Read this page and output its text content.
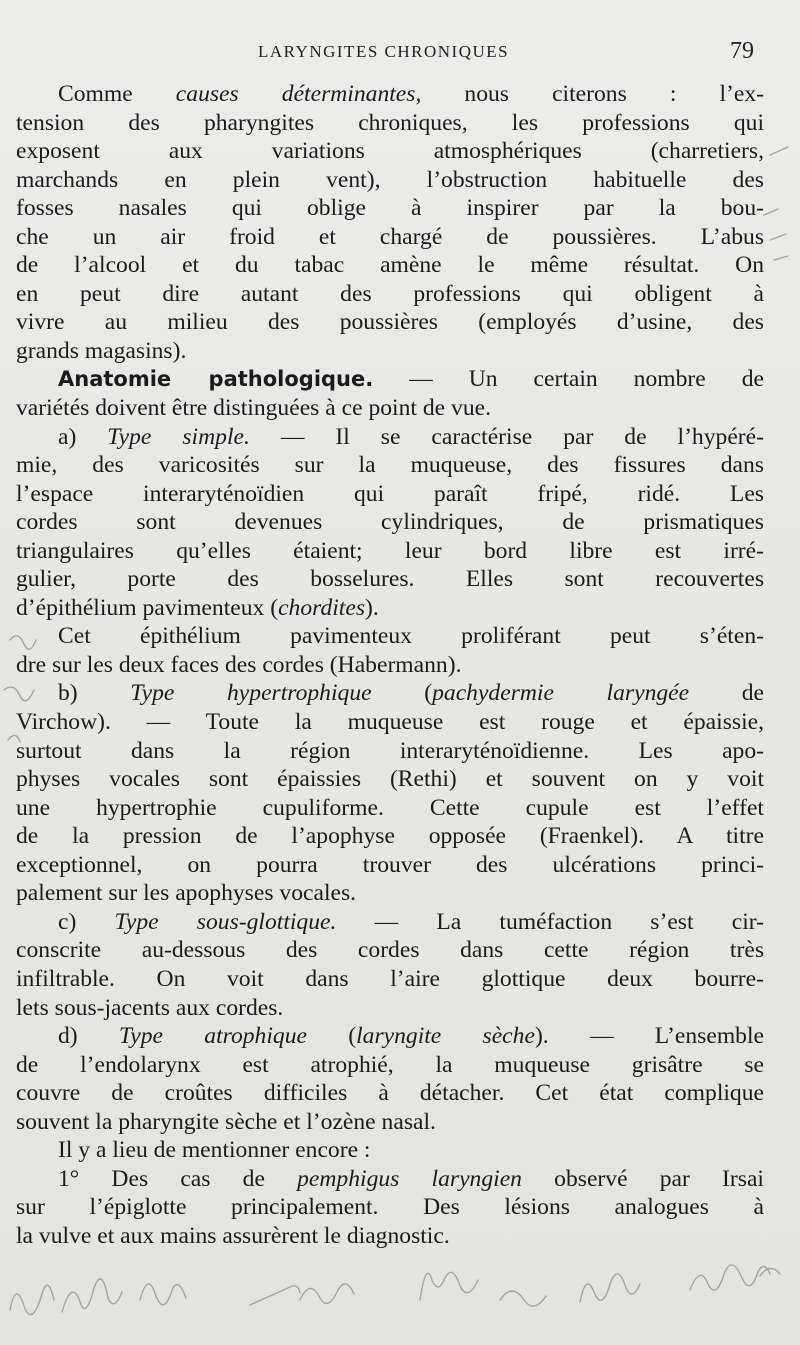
LARYNGITES CHRONIQUES	79
Comme causes déterminantes, nous citerons : l’ex-
tension des pharyngites chroniques, les professions qui
exposent aux variations atmosphériques (charretiers,
marchands en plein vent), l’obstruction habituelle des
fosses nasales qui oblige à inspirer par la bou-
che un air froid et chargé de poussières. L’abus
de l’alcool et du tabac amène le même résultat. On
en peut dire autant des professions qui obligent à
vivre au milieu des poussières (employés d’usine, des
grands magasins).
Anatomie pathologique. — Un certain nombre de
variétés doivent être distinguées à ce point de vue.
a) Type simple. — Il se caractérise par de l’hypéré-
mie, des varicosités sur la muqueuse, des fissures dans
l’espace interaryténoïdien qui paraît fripé, ridé. Les
cordes sont devenues cylindriques, de prismatiques
triangulaires qu’elles étaient; leur bord libre est irré-
gulier, porte des bosselures. Elles sont recouvertes
d’épithélium pavimenteux (chordites).
Cet épithélium pavimenteux proliférant peut s’éten-
dre sur les deux faces des cordes (Habermann).
b) Type hypertrophique (pachydermie laryngée de
Virchow). — Toute la muqueuse est rouge et épaissie,
surtout dans la région interaryténoïdienne. Les apo-
physes vocales sont épaissies (Rethi) et souvent on y voit
une hypertrophie cupuliforme. Cette cupule est l’effet
de la pression de l’apophyse opposée (Fraenkel). A titre
exceptionnel, on pourra trouver des ulcérations princi-
palement sur les apophyses vocales.
c) Type sous-glottique. — La tuméfaction s’est cir-
conscrite au-dessous des cordes dans cette région très
infiltrable. On voit dans l’aire glottique deux bourre-
lets sous-jacents aux cordes.
d) Type atrophique (laryngite sèche). — L’ensemble
de l’endolarynx est atrophié, la muqueuse grisâtre se
couvre de croûtes difficiles à détacher. Cet état complique
souvent la pharyngite sèche et l’ozène nasal.
Il y a lieu de mentionner encore :
1° Des cas de pemphigus laryngien observé par Irsai
sur l’épiglotte principalement. Des lésions analogues à
la vulve et aux mains assurèrent le diagnostic.
